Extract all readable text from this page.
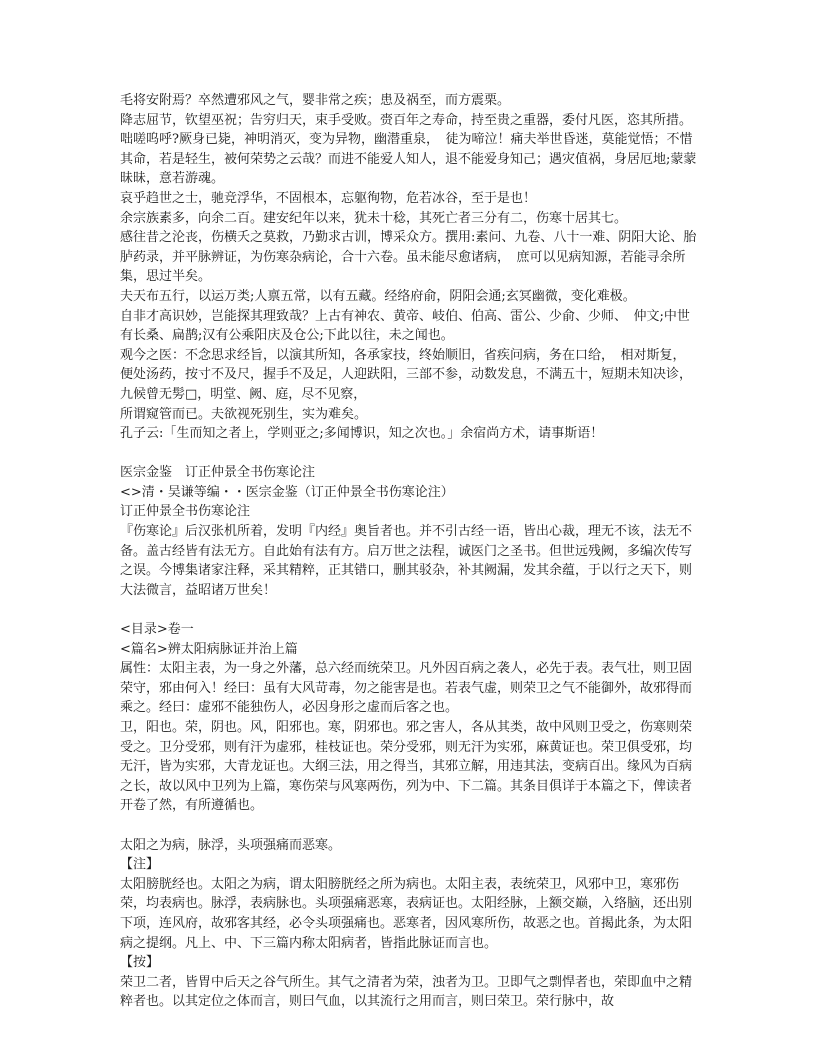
毛将安附焉？卒然遭邪风之气，婴非常之疾；患及祸至，而方震栗。

降志屈节，钦望巫祝；告穷归天，束手受败。赍百年之寿命，持至贵之重器，委付凡医，恣其所措。咄嗟呜呼?厥身已毙，神明消灭，变为异物，幽潜重泉，　徒为啼泣！痛夫举世昏迷，莫能觉悟；不惜其命，若是轻生，被何荣势之云哉？而进不能爱人知人，退不能爱身知己；遇灾值祸，身居厄地;蒙蒙昧昧，意若游魂。

哀乎趋世之士，驰竞浮华，不固根本，忘躯徇物，危若冰谷，至于是也！

余宗族素多，向余二百。建安纪年以来，犹未十稔，其死亡者三分有二，伤寒十居其七。

感往昔之沦丧，伤横夭之莫救，乃勤求古训，博采众方。撰用:素问、九卷、八十一难、阴阳大论、胎胪药录，并平脉辨证，为伤寒杂病论，合十六卷。虽未能尽愈诸病，　庶可以见病知源，若能寻余所集，思过半矣。

夫天布五行，以运万类;人禀五常，以有五藏。经络府俞，阴阳会通;玄冥幽微，变化难极。

自非才高识妙，岂能探其理致哉？上古有神农、黄帝、岐伯、伯高、雷公、少俞、少师、　仲文;中世有长桑、扁鹊;汉有公乘阳庆及仓公;下此以往，未之闻也。

观今之医：不念思求经旨，以演其所知，各承家技，终始顺旧，省疾问病，务在口给，　相对斯复，便处汤药，按寸不及尺，握手不及足，人迎趺阳，三部不参，动数发息，不满五十，短期未知决诊，九候曾无髣□，明堂、阙、庭，尽不见察，

所谓窥管而已。夫欲视死别生，实为难矣。

孔子云:「生而知之者上，学则亚之;多闻博识，知之次也。」余宿尚方术，请事斯语！

医宗金鉴　订正仲景全书伤寒论注

<>清・吴谦等编・・医宗金鉴（订正仲景全书伤寒论注）

订正仲景全书伤寒论注

『伤寒论』后汉张机所着，发明『内经』奥旨者也。并不引古经一语，皆出心裁，理无不该，法无不备。盖古经皆有法无方。自此始有法有方。启万世之法程，诚医门之圣书。但世远残阙，多编次传写之误。今博集诸家注释，采其精粹，正其错口，删其驳杂，补其阙漏，发其余蕴，于以行之天下，则大法微言，益昭诸万世矣！

<目录>卷一

<篇名>辨太阳病脉证并治上篇

属性：太阳主表，为一身之外藩，总六经而统荣卫。凡外因百病之袭人，必先于表。表气壮，则卫固荣守，邪由何入！经曰：虽有大风苛毒，勿之能害是也。若表气虚，则荣卫之气不能御外，故邪得而乘之。经曰：虚邪不能独伤人，必因身形之虚而后客之也。

卫，阳也。荣，阴也。风，阳邪也。寒，阴邪也。邪之害人，各从其类，故中风则卫受之，伤寒则荣受之。卫分受邪，则有汗为虚邪，桂枝证也。荣分受邪，则无汗为实邪，麻黄证也。荣卫俱受邪，均无汗，皆为实邪，大青龙证也。大纲三法，用之得当，其邪立解，用违其法，变病百出。缘风为百病之长，故以风中卫列为上篇，寒伤荣与风寒两伤，列为中、下二篇。其条目俱详于本篇之下，俾读者开卷了然，有所遵循也。

太阳之为病，脉浮，头项强痛而恶寒。

【注】

太阳膀胱经也。太阳之为病，谓太阳膀胱经之所为病也。太阳主表，表统荣卫，风邪中卫，寒邪伤荣，均表病也。脉浮，表病脉也。头项强痛恶寒，表病证也。太阳经脉，上额交巅，入络脑，还出别下项，连风府，故邪客其经，必令头项强痛也。恶寒者，因风寒所伤，故恶之也。首揭此条，为太阳病之提纲。凡上、中、下三篇内称太阳病者，皆指此脉证而言也。

【按】

荣卫二者，皆胃中后天之谷气所生。其气之清者为荣，浊者为卫。卫即气之剽悍者也，荣即血中之精粹者也。以其定位之体而言，则曰气血，以其流行之用而言，则曰荣卫。荣行脉中，故
